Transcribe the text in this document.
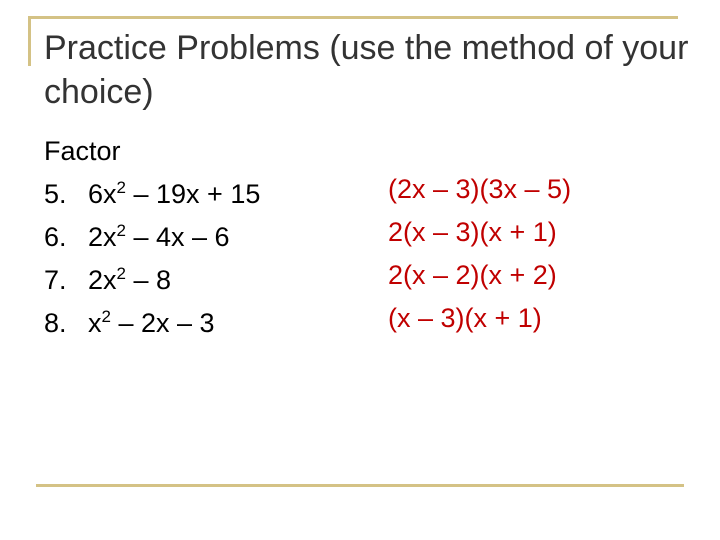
Practice Problems (use the method of your choice)
Factor
5. $6x^2 - 19x + 15$
6. $2x^2 - 4x - 6$
7. $2x^2 - 8$
8. $x^2 - 2x - 3$
(2x – 3)(3x – 5)
2(x – 3)(x + 1)
2(x – 2)(x + 2)
(x – 3)(x + 1)
